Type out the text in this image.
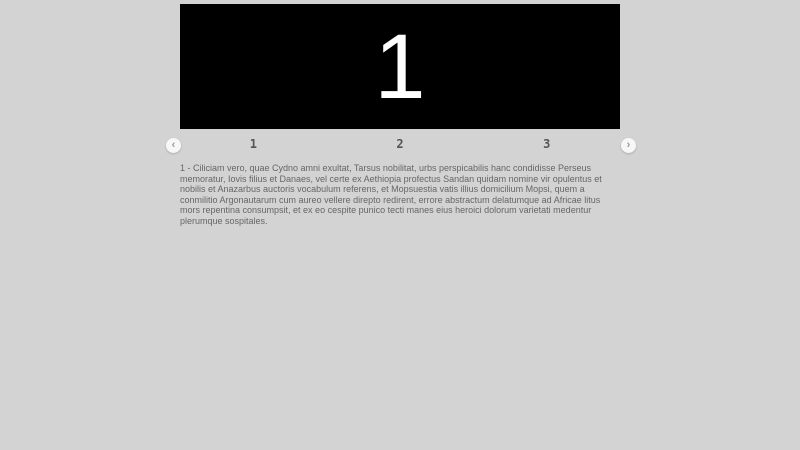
1
‹	›
1	2	3

1 - Ciliciam vero, quae Cydno amni exultat, Tarsus nobilitat, urbs perspicabilis hanc condidisse Perseus memoratur, Iovis filius et Danaes, vel certe ex Aethiopia profectus Sandan quidam nomine vir opulentus et nobilis et Anazarbus auctoris vocabulum referens, et Mopsuestia vatis illius domicilium Mopsi, quem a conmilitio Argonautarum cum aureo vellere direpto redirent, errore abstractum delatumque ad Africae litus mors repentina consumpsit, et ex eo cespite punico tecti manes eius heroici dolorum varietati medentur plerumque sospitales.
